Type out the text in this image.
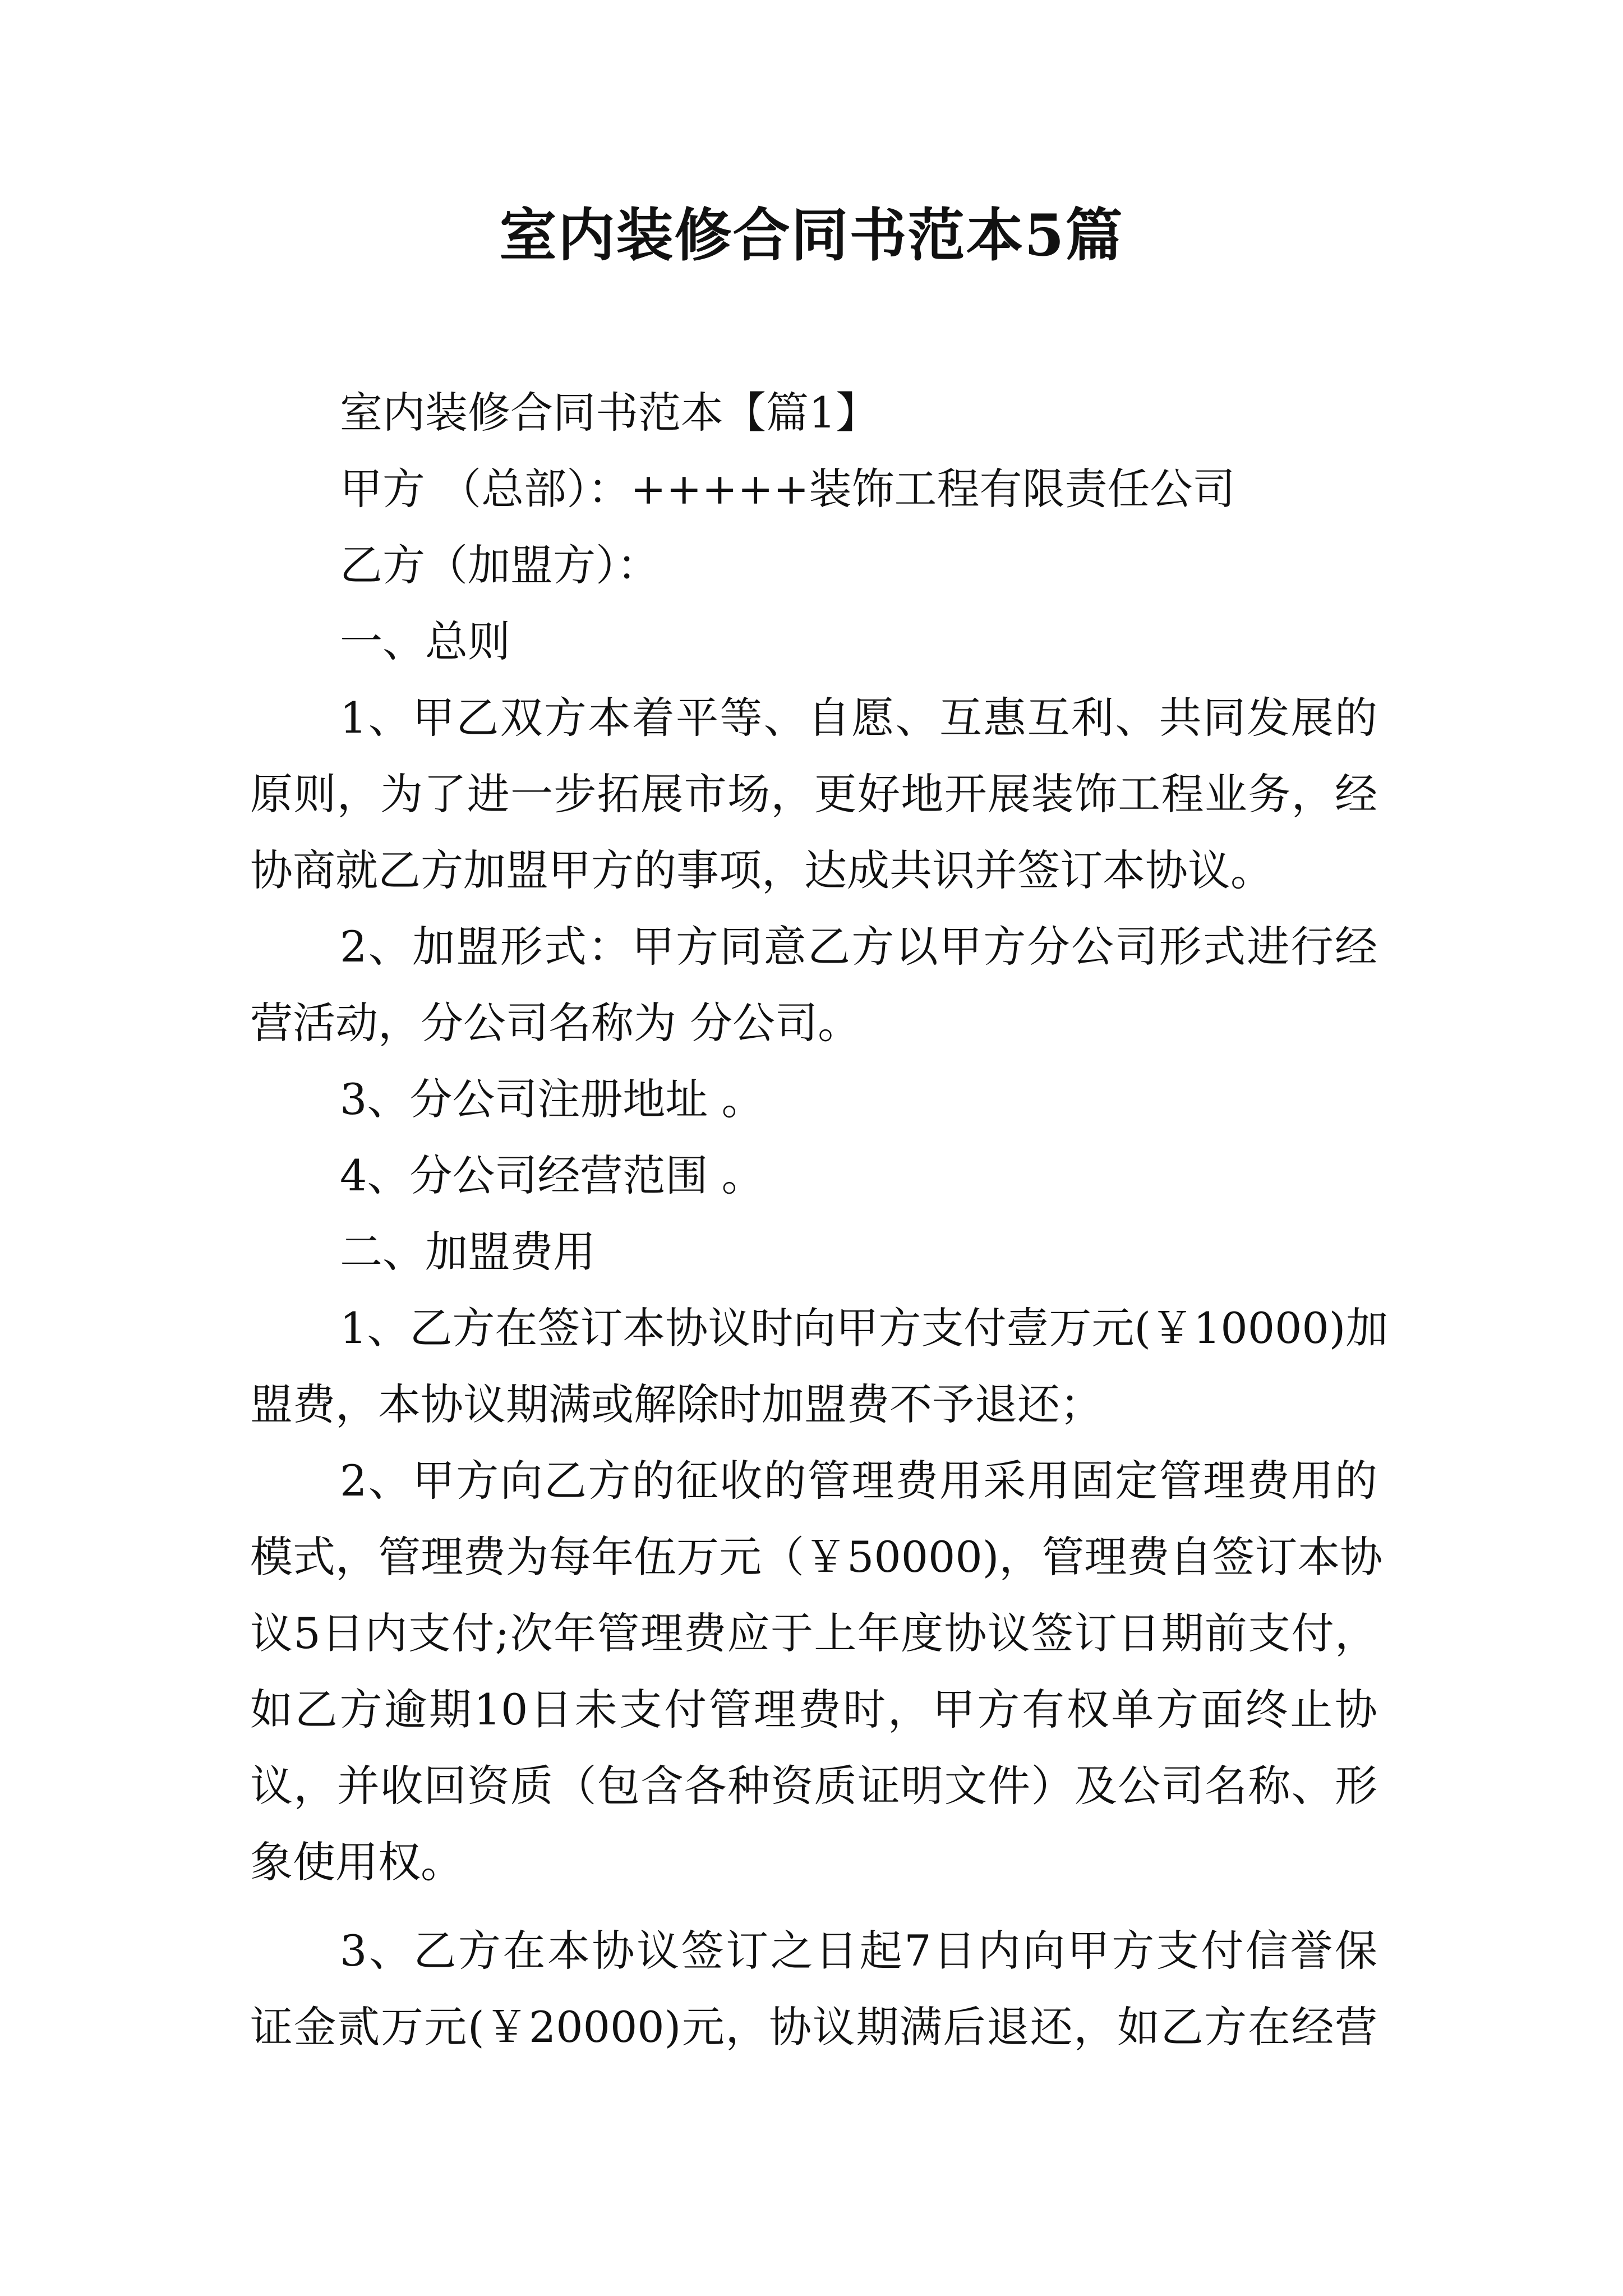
室内装修合同书范本5篇
室内装修合同书范本【篇1】
甲方 （总部）：+++++装饰工程有限责任公司
乙方（加盟方）：
一、总则
1、甲乙双方本着平等、自愿、互惠互利、共同发展的
原则，为了进一步拓展市场，更好地开展装饰工程业务，经
协商就乙方加盟甲方的事项，达成共识并签订本协议。
2、加盟形式：甲方同意乙方以甲方分公司形式进行经
营活动，分公司名称为 分公司。
3、分公司注册地址 。
4、分公司经营范围 。
二、加盟费用
1、乙方在签订本协议时向甲方支付壹万元(￥10000)加
盟费，本协议期满或解除时加盟费不予退还；
2、甲方向乙方的征收的管理费用采用固定管理费用的
模式，管理费为每年伍万元（￥50000)，管理费自签订本协
议5日内支付;次年管理费应于上年度协议签订日期前支付，
如乙方逾期10日未支付管理费时，甲方有权单方面终止协
议，并收回资质（包含各种资质证明文件）及公司名称、形
象使用权。
3、乙方在本协议签订之日起7日内向甲方支付信誉保
证金贰万元(￥20000)元，协议期满后退还，如乙方在经营
